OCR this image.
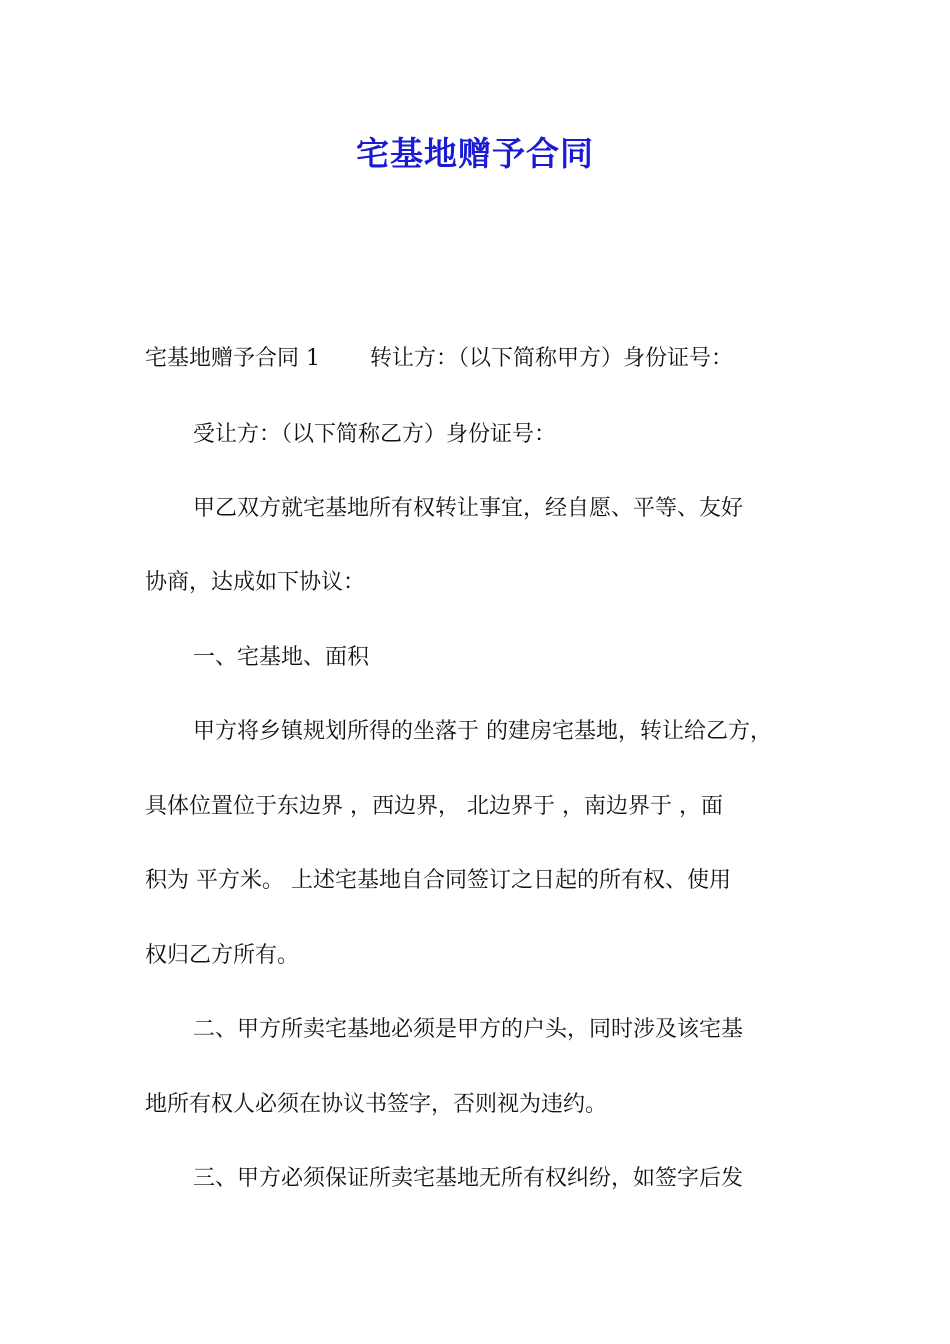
宅基地赠予合同

宅基地赠予合同 1 转让方：（以下简称甲方）身份证号：

受让方：（以下简称乙方）身份证号：

甲乙双方就宅基地所有权转让事宜，经自愿、平等、友好

协商，达成如下协议：

一、宅基地、面积

甲方将乡镇规划所得的坐落于 的建房宅基地，转让给乙方，

具体位置位于东边界 ，西边界， 北边界于 ，南边界于 ，面

积为 平方米。 上述宅基地自合同签订之日起的所有权、使用

权归乙方所有。

二、甲方所卖宅基地必须是甲方的户头，同时涉及该宅基

地所有权人必须在协议书签字，否则视为违约。

三、甲方必须保证所卖宅基地无所有权纠纷，如签字后发
